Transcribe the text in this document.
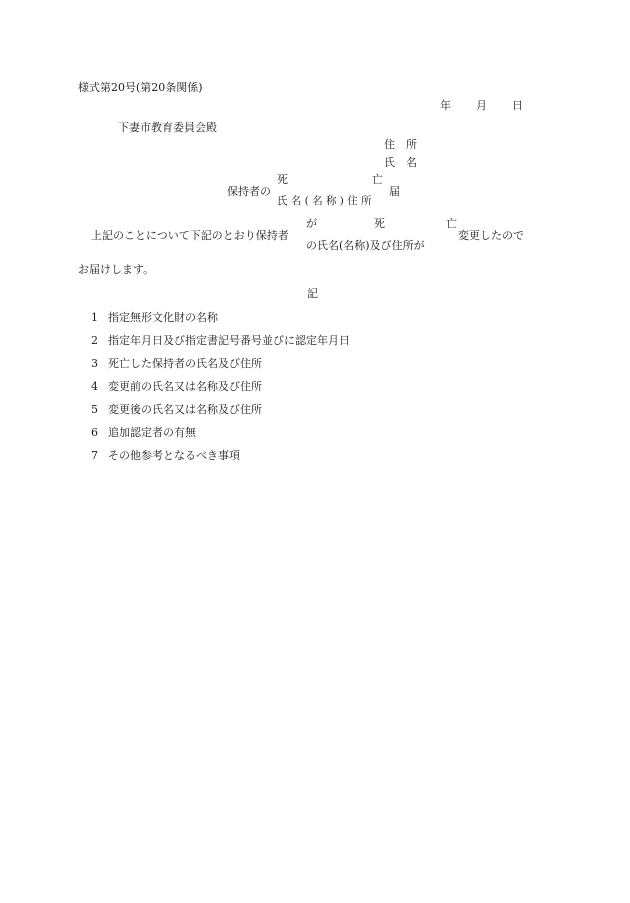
様式第20号(第20条関係)
年 月 日
下妻市教育委員会殿
住　所
氏　名
保持者の
死	亡
氏 名 ( 名 称 ) 住 所
届
上記のことについて下記のとおり保持者
が	死	亡
の氏名(名称)及び住所が
変更したので
お届けします。
記
1 指定無形文化財の名称
2 指定年月日及び指定書記号番号並びに認定年月日
3 死亡した保持者の氏名及び住所
4 変更前の氏名又は名称及び住所
5 変更後の氏名又は名称及び住所
6 追加認定者の有無
7 その他参考となるべき事項
